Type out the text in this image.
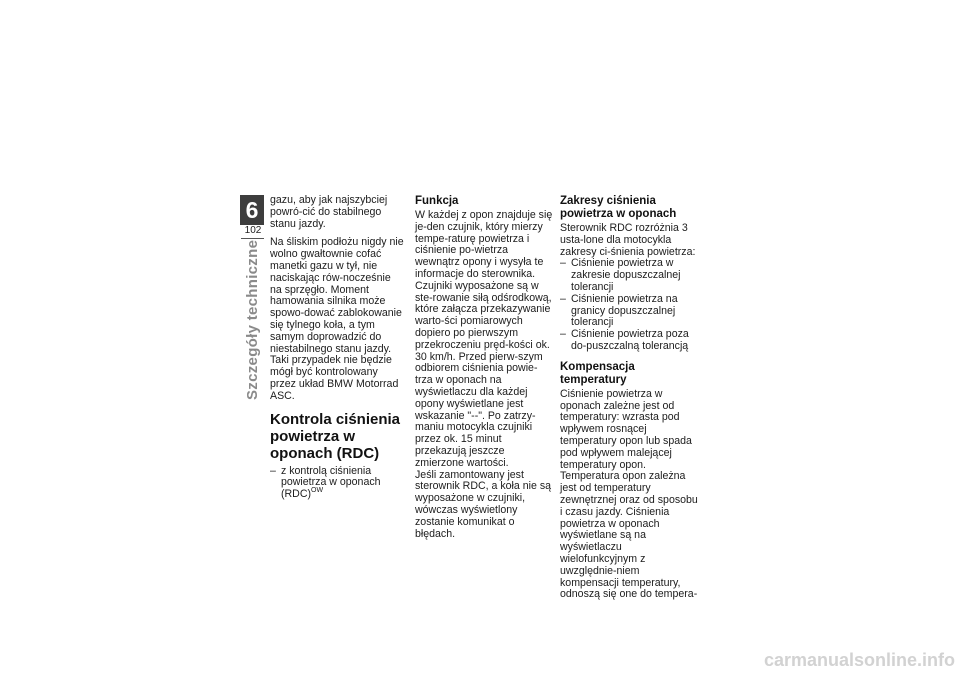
6
102
Szczegóły techniczne

gazu, aby jak najszybciej powró-cić do stabilnego stanu jazdy.

Na śliskim podłożu nigdy nie wolno gwałtownie cofać manetki gazu w tył, nie naciskając rów-nocześnie na sprzęgło. Moment hamowania silnika może spowo-dować zablokowanie się tylnego koła, a tym samym doprowadzić do niestabilnego stanu jazdy. Taki przypadek nie będzie mógł być kontrolowany przez układ BMW Motorrad ASC.

Kontrola ciśnienia powietrza w oponach (RDC)
– z kontrolą ciśnienia powietrza w oponach (RDC)$^{OW}$
Funkcja

W każdej z opon znajduje się je-den czujnik, który mierzy tempe-raturę powietrza i ciśnienie po-wietrza wewnątrz opony i wysyła te informacje do sterownika.

Czujniki wyposażone są w ste-rowanie siłą odśrodkową, które załącza przekazywanie warto-ści pomiarowych dopiero po pierwszym przekroczeniu pręd-kości ok. 30 km/h. Przed pierw-szym odbiorem ciśnienia powie-trza w oponach na wyświetlaczu dla każdej opony wyświetlane jest wskazanie "--". Po zatrzy-maniu motocykla czujniki przez ok. 15 minut przekazują jeszcze zmierzone wartości.

Jeśli zamontowany jest sterownik RDC, a koła nie są wyposażone w czujniki, wówczas wyświetlony zostanie komunikat o błędach.

Zakresy ciśnienia powietrza w oponach

Sterownik RDC rozróżnia 3 usta-lone dla motocykla zakresy ci-śnienia powietrza:

– Ciśnienie powietrza w zakresie dopuszczalnej tolerancji
– Ciśnienie powietrza na granicy dopuszczalnej tolerancji
– Ciśnienie powietrza poza do-puszczalną tolerancją
Kompensacja temperatury

Ciśnienie powietrza w oponach zależne jest od temperatury: wzrasta pod wpływem rosnącej temperatury opon lub spada pod wpływem malejącej temperatury opon. Temperatura opon zależna jest od temperatury zewnętrznej oraz od sposobu i czasu jazdy. Ciśnienia powietrza w oponach wyświetlane są na wyświetlaczu wielofunkcyjnym z uwzględnie-niem kompensacji temperatury, odnoszą się one do tempera-

carmanualsonline.info
